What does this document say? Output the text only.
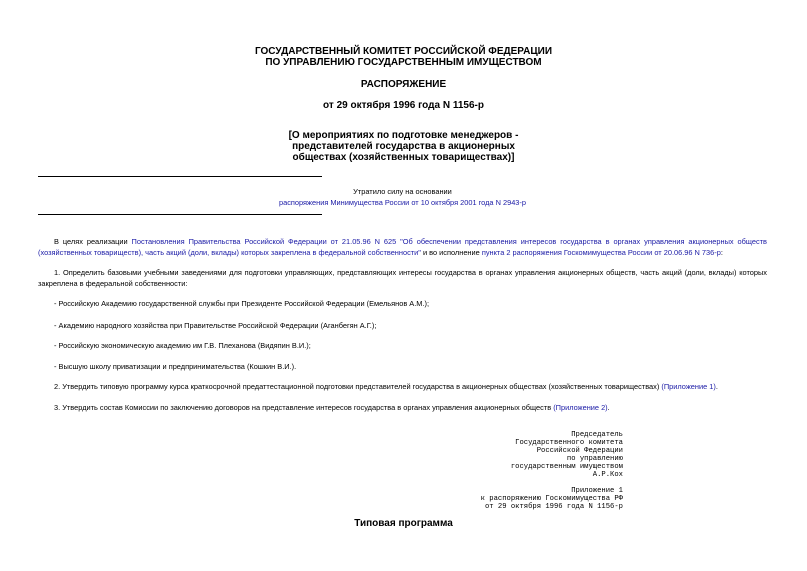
ГОСУДАРСТВЕННЫЙ КОМИТЕТ РОССИЙСКОЙ ФЕДЕРАЦИИ
ПО УПРАВЛЕНИЮ ГОСУДАРСТВЕННЫМ ИМУЩЕСТВОМ
РАСПОРЯЖЕНИЕ
от 29 октября 1996 года N 1156-р
[О мероприятиях по подготовке менеджеров -
представителей государства в акционерных
обществах (хозяйственных товариществах)]
Утратило силу на основании
распоряжения Минимущества России от 10 октября 2001 года N 2943-р
В целях реализации Постановления Правительства Российской Федерации от 21.05.96 N 625 "Об обеспечении представления интересов государства в органах управления акционерных обществ (хозяйственных товариществ), часть акций (доли, вклады) которых закреплена в федеральной собственности" и во исполнение пункта 2 распоряжения Госкомимущества России от 20.06.96 N 736-р:
1. Определить базовыми учебными заведениями для подготовки управляющих, представляющих интересы государства в органах управления акционерных обществ, часть акций (доли, вклады) которых закреплена в федеральной собственности:
- Российскую Академию государственной службы при Президенте Российской Федерации (Емельянов А.М.);
- Академию народного хозяйства при Правительстве Российской Федерации (Аганбегян А.Г.);
- Российскую экономическую академию им Г.В. Плеханова (Видяпин В.И.);
- Высшую школу приватизации и предпринимательства (Кошкин В.И.).
2. Утвердить типовую программу курса краткосрочной предаттестационной подготовки представителей государства в акционерных обществах (хозяйственных товариществах) (Приложение 1).
3. Утвердить состав Комиссии по заключению договоров на представление интересов государства в органах управления акционерных обществ (Приложение 2).
Председатель
Государственного комитета
Российской Федерации
по управлению
государственным имуществом
А.Р.Кох
Приложение 1
к распоряжению Госкомимущества РФ
от 29 октября 1996 года N 1156-р
Типовая программа
